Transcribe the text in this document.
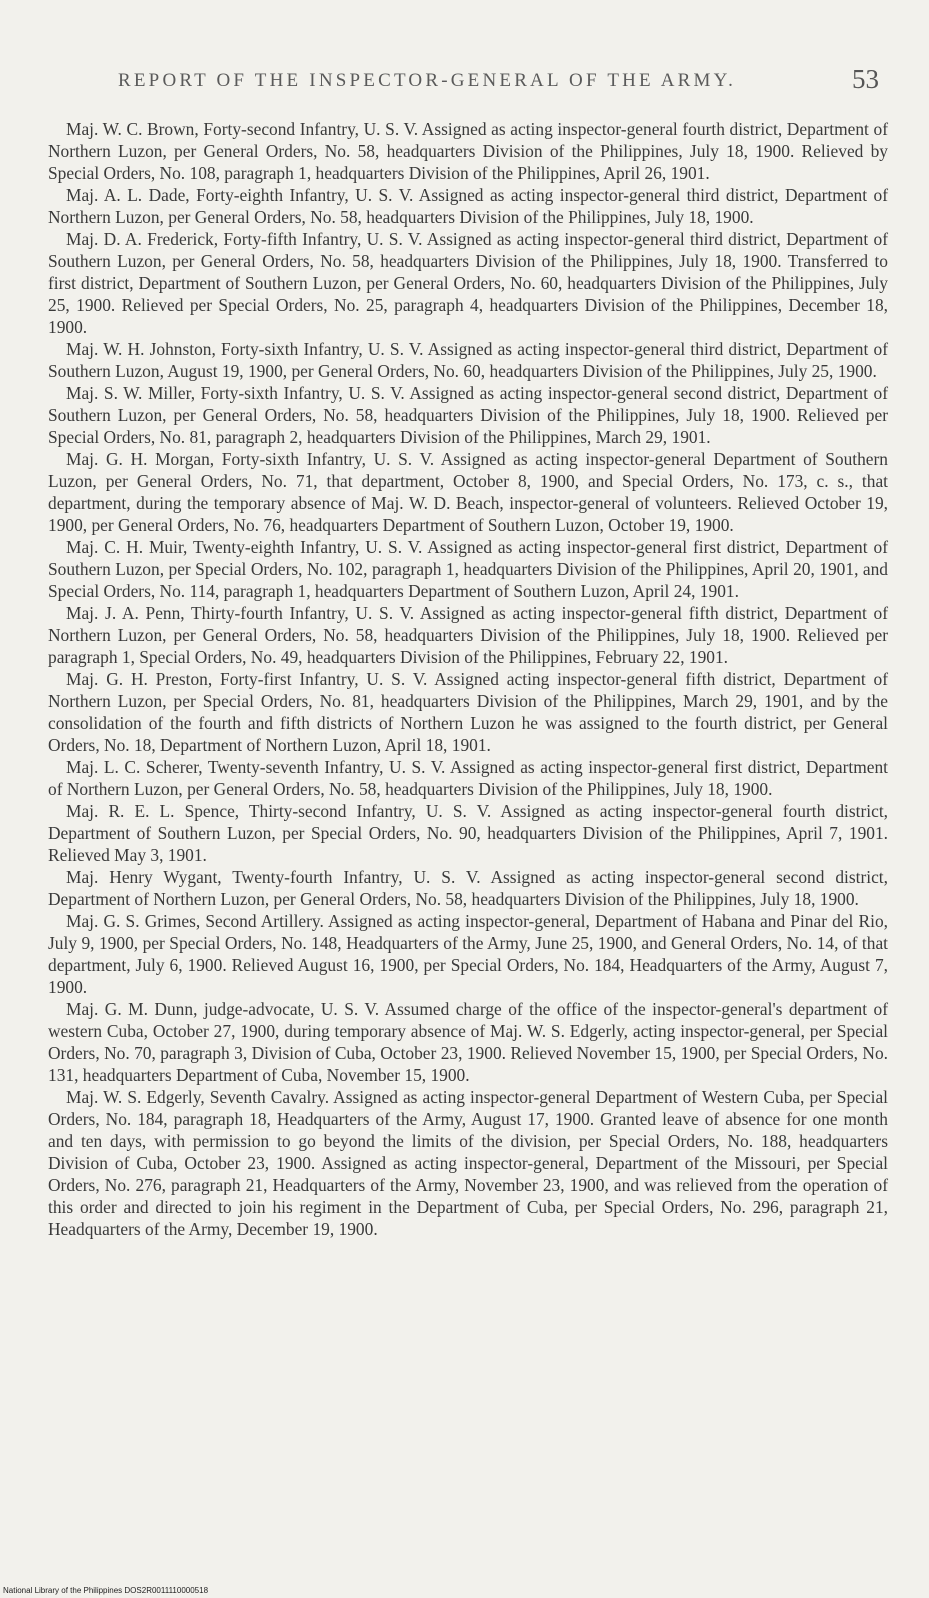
REPORT OF THE INSPECTOR-GENERAL OF THE ARMY.	53

Maj. W. C. Brown, Forty-second Infantry, U. S. V. Assigned as acting inspector-general fourth district, Department of Northern Luzon, per General Orders, No. 58, headquarters Division of the Philippines, July 18, 1900. Relieved by Special Orders, No. 108, paragraph 1, headquarters Division of the Philippines, April 26, 1901.

Maj. A. L. Dade, Forty-eighth Infantry, U. S. V. Assigned as acting inspector-general third district, Department of Northern Luzon, per General Orders, No. 58, headquarters Division of the Philippines, July 18, 1900.

Maj. D. A. Frederick, Forty-fifth Infantry, U. S. V. Assigned as acting inspector-general third district, Department of Southern Luzon, per General Orders, No. 58, headquarters Division of the Philippines, July 18, 1900. Transferred to first district, Department of Southern Luzon, per General Orders, No. 60, headquarters Division of the Philippines, July 25, 1900. Relieved per Special Orders, No. 25, paragraph 4, headquarters Division of the Philippines, December 18, 1900.

Maj. W. H. Johnston, Forty-sixth Infantry, U. S. V. Assigned as acting inspector-general third district, Department of Southern Luzon, August 19, 1900, per General Orders, No. 60, headquarters Division of the Philippines, July 25, 1900.

Maj. S. W. Miller, Forty-sixth Infantry, U. S. V. Assigned as acting inspector-general second district, Department of Southern Luzon, per General Orders, No. 58, headquarters Division of the Philippines, July 18, 1900. Relieved per Special Orders, No. 81, paragraph 2, headquarters Division of the Philippines, March 29, 1901.

Maj. G. H. Morgan, Forty-sixth Infantry, U. S. V. Assigned as acting inspector-general Department of Southern Luzon, per General Orders, No. 71, that department, October 8, 1900, and Special Orders, No. 173, c. s., that department, during the temporary absence of Maj. W. D. Beach, inspector-general of volunteers. Relieved October 19, 1900, per General Orders, No. 76, headquarters Department of Southern Luzon, October 19, 1900.

Maj. C. H. Muir, Twenty-eighth Infantry, U. S. V. Assigned as acting inspector-general first district, Department of Southern Luzon, per Special Orders, No. 102, paragraph 1, headquarters Division of the Philippines, April 20, 1901, and Special Orders, No. 114, paragraph 1, headquarters Department of Southern Luzon, April 24, 1901.

Maj. J. A. Penn, Thirty-fourth Infantry, U. S. V. Assigned as acting inspector-general fifth district, Department of Northern Luzon, per General Orders, No. 58, headquarters Division of the Philippines, July 18, 1900. Relieved per paragraph 1, Special Orders, No. 49, headquarters Division of the Philippines, February 22, 1901.

Maj. G. H. Preston, Forty-first Infantry, U. S. V. Assigned acting inspector-general fifth district, Department of Northern Luzon, per Special Orders, No. 81, headquarters Division of the Philippines, March 29, 1901, and by the consolidation of the fourth and fifth districts of Northern Luzon he was assigned to the fourth district, per General Orders, No. 18, Department of Northern Luzon, April 18, 1901.

Maj. L. C. Scherer, Twenty-seventh Infantry, U. S. V. Assigned as acting inspector-general first district, Department of Northern Luzon, per General Orders, No. 58, headquarters Division of the Philippines, July 18, 1900.

Maj. R. E. L. Spence, Thirty-second Infantry, U. S. V. Assigned as acting inspector-general fourth district, Department of Southern Luzon, per Special Orders, No. 90, headquarters Division of the Philippines, April 7, 1901. Relieved May 3, 1901.

Maj. Henry Wygant, Twenty-fourth Infantry, U. S. V. Assigned as acting inspector-general second district, Department of Northern Luzon, per General Orders, No. 58, headquarters Division of the Philippines, July 18, 1900.

Maj. G. S. Grimes, Second Artillery. Assigned as acting inspector-general, Department of Habana and Pinar del Rio, July 9, 1900, per Special Orders, No. 148, Headquarters of the Army, June 25, 1900, and General Orders, No. 14, of that department, July 6, 1900. Relieved August 16, 1900, per Special Orders, No. 184, Headquarters of the Army, August 7, 1900.

Maj. G. M. Dunn, judge-advocate, U. S. V. Assumed charge of the office of the inspector-general's department of western Cuba, October 27, 1900, during temporary absence of Maj. W. S. Edgerly, acting inspector-general, per Special Orders, No. 70, paragraph 3, Division of Cuba, October 23, 1900. Relieved November 15, 1900, per Special Orders, No. 131, headquarters Department of Cuba, November 15, 1900.

Maj. W. S. Edgerly, Seventh Cavalry. Assigned as acting inspector-general Department of Western Cuba, per Special Orders, No. 184, paragraph 18, Headquarters of the Army, August 17, 1900. Granted leave of absence for one month and ten days, with permission to go beyond the limits of the division, per Special Orders, No. 188, headquarters Division of Cuba, October 23, 1900. Assigned as acting inspector-general, Department of the Missouri, per Special Orders, No. 276, paragraph 21, Headquarters of the Army, November 23, 1900, and was relieved from the operation of this order and directed to join his regiment in the Department of Cuba, per Special Orders, No. 296, paragraph 21, Headquarters of the Army, December 19, 1900.

National Library of the Philippines DOS2R0011110000518
